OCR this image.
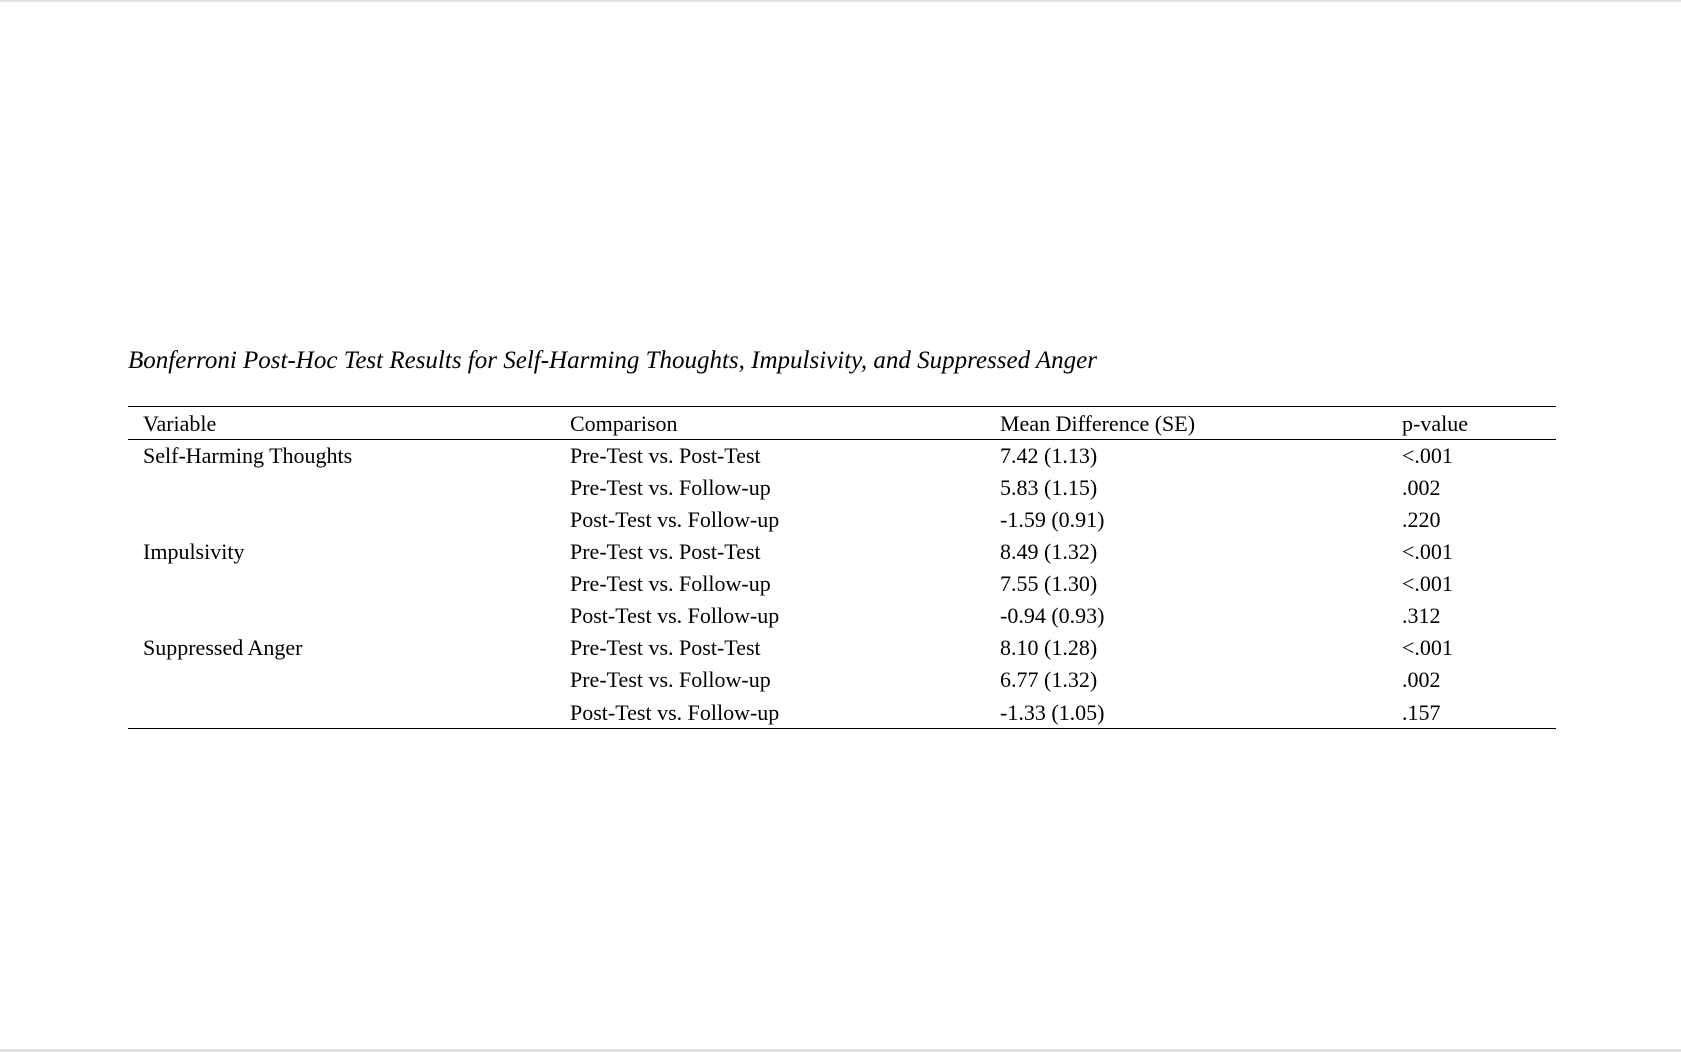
Bonferroni Post-Hoc Test Results for Self-Harming Thoughts, Impulsivity, and Suppressed Anger
Variable	Comparison	Mean Difference (SE)	p-value
Self-Harming Thoughts	Pre-Test vs. Post-Test	7.42 (1.13)	<.001
	Pre-Test vs. Follow-up	5.83 (1.15)	.002
	Post-Test vs. Follow-up	-1.59 (0.91)	.220
Impulsivity	Pre-Test vs. Post-Test	8.49 (1.32)	<.001
	Pre-Test vs. Follow-up	7.55 (1.30)	<.001
	Post-Test vs. Follow-up	-0.94 (0.93)	.312
Suppressed Anger	Pre-Test vs. Post-Test	8.10 (1.28)	<.001
	Pre-Test vs. Follow-up	6.77 (1.32)	.002
	Post-Test vs. Follow-up	-1.33 (1.05)	.157
